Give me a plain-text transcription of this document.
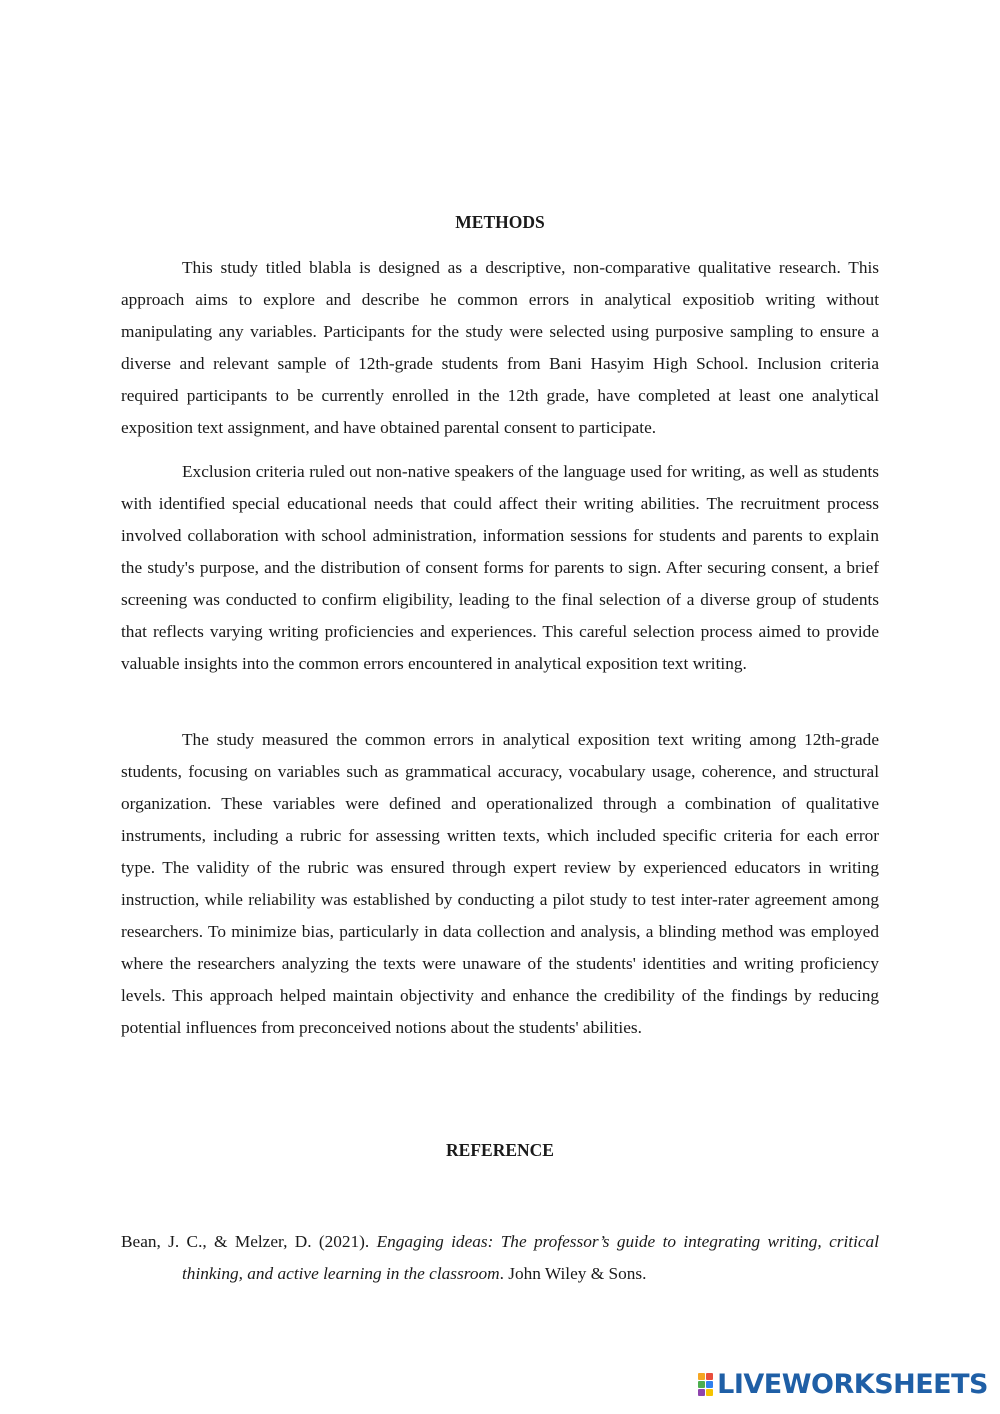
METHODS

This study titled blabla is designed as a descriptive, non-comparative qualitative research. This approach aims to explore and describe he common errors in analytical expositiob writing without manipulating any variables. Participants for the study were selected using purposive sampling to ensure a diverse and relevant sample of 12th-grade students from Bani Hasyim High School. Inclusion criteria required participants to be currently enrolled in the 12th grade, have completed at least one analytical exposition text assignment, and have obtained parental consent to participate.

Exclusion criteria ruled out non-native speakers of the language used for writing, as well as students with identified special educational needs that could affect their writing abilities. The recruitment process involved collaboration with school administration, information sessions for students and parents to explain the study's purpose, and the distribution of consent forms for parents to sign. After securing consent, a brief screening was conducted to confirm eligibility, leading to the final selection of a diverse group of students that reflects varying writing proficiencies and experiences. This careful selection process aimed to provide valuable insights into the common errors encountered in analytical exposition text writing.

The study measured the common errors in analytical exposition text writing among 12th-grade students, focusing on variables such as grammatical accuracy, vocabulary usage, coherence, and structural organization. These variables were defined and operationalized through a combination of qualitative instruments, including a rubric for assessing written texts, which included specific criteria for each error type. The validity of the rubric was ensured through expert review by experienced educators in writing instruction, while reliability was established by conducting a pilot study to test inter-rater agreement among researchers. To minimize bias, particularly in data collection and analysis, a blinding method was employed where the researchers analyzing the texts were unaware of the students' identities and writing proficiency levels. This approach helped maintain objectivity and enhance the credibility of the findings by reducing potential influences from preconceived notions about the students' abilities.

REFERENCE

Bean, J. C., & Melzer, D. (2021). Engaging ideas: The professor’s guide to integrating writing, critical thinking, and active learning in the classroom. John Wiley & Sons.

LIVEWORKSHEETS
